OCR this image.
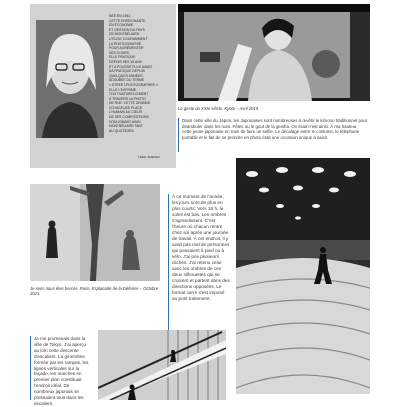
NÉE EN 1962,
CETTE ENSEIGNANTE
EN ÉCONOMIE
ET GESTION DU PAYS
DE MONTBÉLIARD
UTILISE COURAMMENT
LA PHOTOGRAPHIE
POUR AGRÉMENTER
SES COURS.
ELLE PRATIQUE
DEPUIS SES 18 ANS
ET A POUSSÉ PLUS AVANT
SA PRATIQUE DEPUIS
QUELQUES ANNÉES.
ADOUBÉE DU TERME
« STREET-PHOTOGRAPHER »
ELLE L'EXPRIME
TOUT NATURELLEMENT
À TRAVERS LA PHOTO
DE RUE. CETTE GRANDE
VOYAGEUSE PLACE
L'HUMAIN AU CŒUR
DE SES COMPOSITIONS
SOULIGNANT AINSI
MONTBÉLIARD TANT
AU QUOTIDIEN.

FRED JIMENEZ

Le geste du XXIe siècle. Kyoto – Avril 2019.

Dans cette ville du Japon, les Japonaises sont nombreuses à revêtir le kimono traditionnel pour déambuler dans les rues. Fêtes ou le gout de la geisha. On lisait n'est ainsi. À ma hauteur, cette jeune japonaise en train de faire un selfie. Le décalage entre le costume, le téléphone portable et le fait de se prendre en photo était une occasion unique à saisir.

Je sens nous êtes bercés. Paris, Esplanade de la Défense – Octobre 2021.

À ce moment de l'année, les jours sont de plus en plus courts. Vers 18 h, le soleil est bas. Les ombres s'agrandissent. C'est l'heure où chacun rentre chez soi après une journée de travail. À cet endroit, il y avait pas mal de personnes qui passaient à pied ou à vélo. J'ai pris plusieurs clichés. J'ai retenu celui avec les ombres de ces deux silhouettes qui se croisent et partent dans des directions opposées. Le format carré s'est imposé au post traitement.

Je me promenais dans la ville de Tokyo. J'ai aperçu au loin cette descente d'escaliers. La géométrie formée par les rampes, les lignes verticales sur la façade, les marches en premier plan constituait l'endroit idéal. De nombreux japonais se pressaient tous dans les escaliers.
